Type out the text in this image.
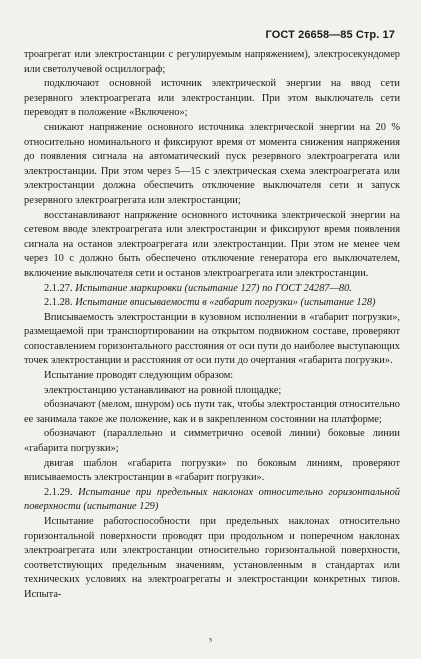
ГОСТ 26658—85 Стр. 17

троагрегат или электростанции с регулируемым напряжением), электросекундомер или светолучевой осциллограф;

подключают основной источник электрической энергии на ввод сети резервного электроагрегата или электростанции. При этом выключатель сети переводят в положение «Включено»;

снижают напряжение основного источника электрической энергии на 20 % относительно номинального и фиксируют время от момента снижения напряжения до появления сигнала на автоматический пуск резервного электроагрегата или электростанции. При этом через 5—15 с электрическая схема электроагрегата или электростанции должна обеспечить отключение выключателя сети и запуск резервного электроагрегата или электростанции;

восстанавливают напряжение основного источника электрической энергии на сетевом вводе электроагрегата или электростанции и фиксируют время появления сигнала на останов электроагрегата или электростанции. При этом не менее чем через 10 с должно быть обеспечено отключение генератора его выключателем, включение выключателя сети и останов электроагрегата или электростанции.

2.1.27. Испытание маркировки (испытание 127) по ГОСТ 24287—80.

2.1.28. Испытание вписываемости в «габарит погрузки» (испытание 128)

Вписываемость электростанции в кузовном исполнении в «габарит погрузки», размещаемой при транспортировании на открытом подвижном составе, проверяют сопоставлением горизонтального расстояния от оси пути до наиболее выступающих точек электростанции и расстояния от оси пути до очертания «габарита погрузки».

Испытание проводят следующим образом:

электростанцию устанавливают на ровной площадке;

обозначают (мелом, шнуром) ось пути так, чтобы электростанция относительно ее занимала такое же положение, как и в закрепленном состоянии на платформе;

обозначают (параллельно и симметрично осевой линии) боковые линии «габарита погрузки»;

двигая шаблон «габарита погрузки» по боковым линиям, проверяют вписываемость электростанции в «габарит погрузки».

2.1.29. Испытание при предельных наклонах относительно горизонтальной поверхности (испытание 129)

Испытание работоспособности при предельных наклонах относительно горизонтальной поверхности проводят при продольном и поперечном наклонах электроагрегата или электростанции относительно горизонтальной поверхности, соответствующих предельным значениям, установленным в стандартах или технических условиях на электроагрегаты и электростанции конкретных типов. Испыта-

⁵
